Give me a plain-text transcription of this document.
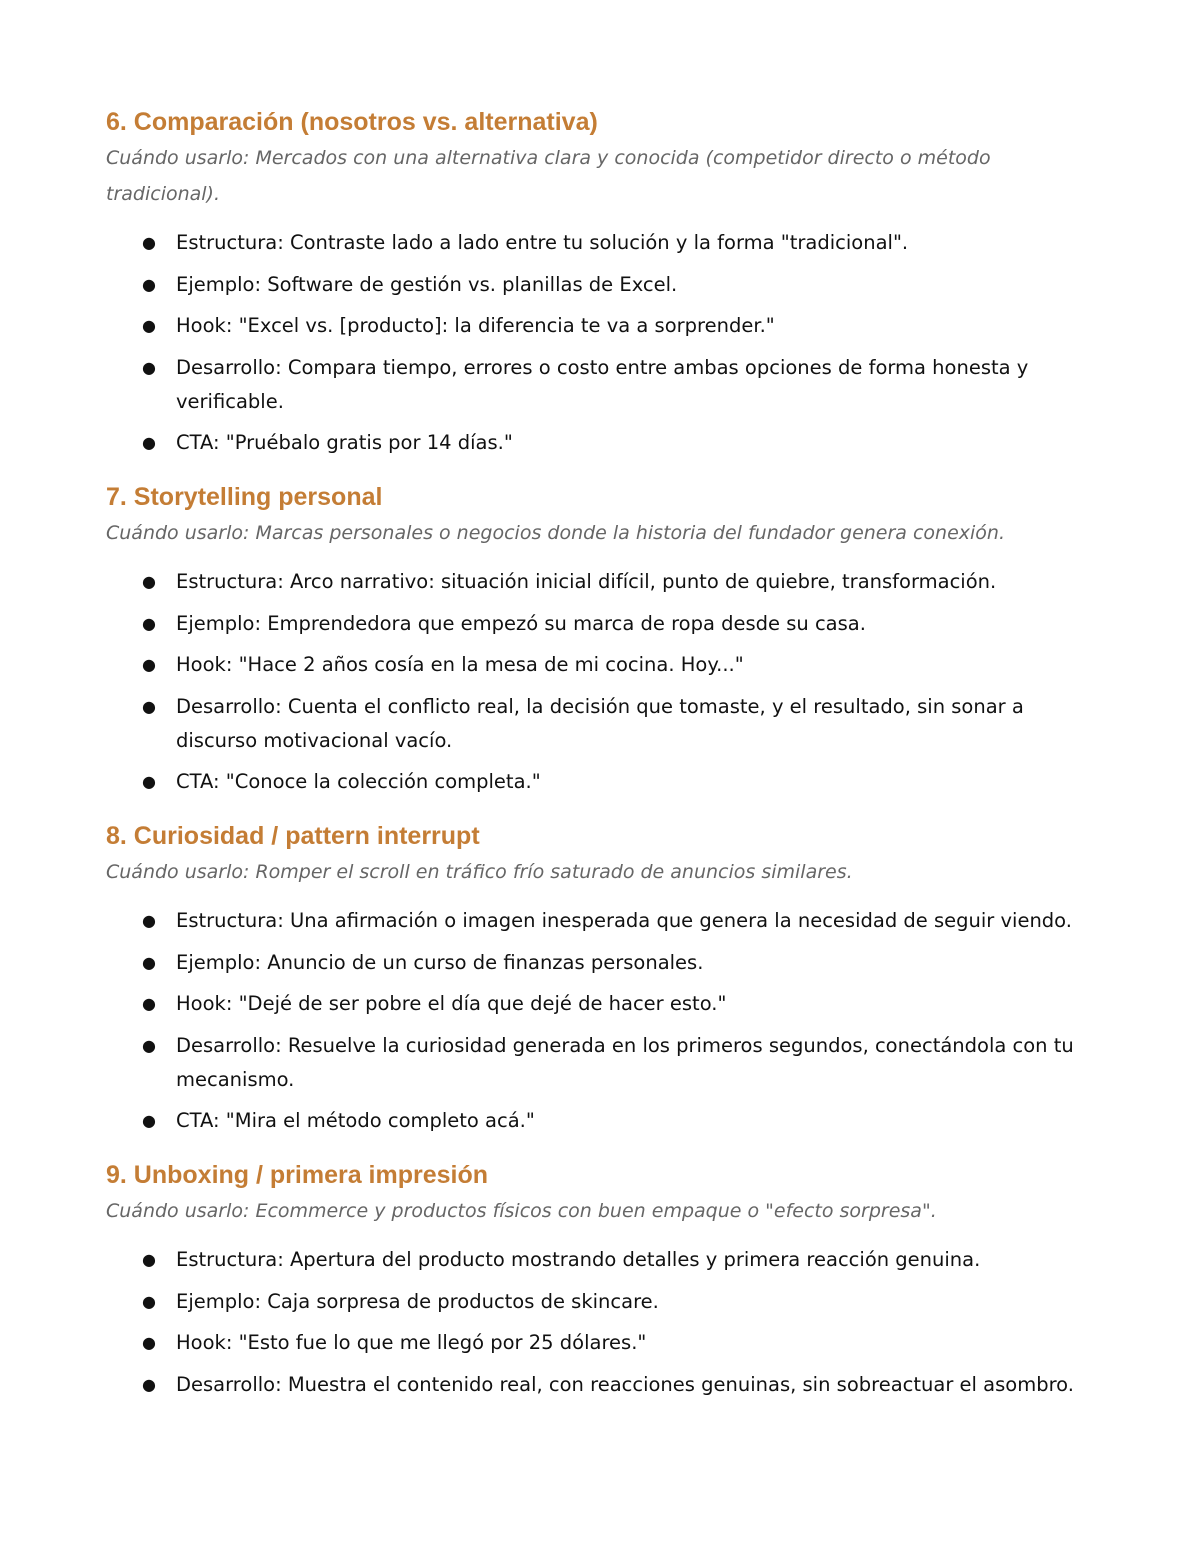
6. Comparación (nosotros vs. alternativa)

Cuándo usarlo: Mercados con una alternativa clara y conocida (competidor directo o método tradicional).

● Estructura: Contraste lado a lado entre tu solución y la forma "tradicional".
● Ejemplo: Software de gestión vs. planillas de Excel.
● Hook: "Excel vs. [producto]: la diferencia te va a sorprender."
● Desarrollo: Compara tiempo, errores o costo entre ambas opciones de forma honesta y verificable.
● CTA: "Pruébalo gratis por 14 días."
7. Storytelling personal

Cuándo usarlo: Marcas personales o negocios donde la historia del fundador genera conexión.

● Estructura: Arco narrativo: situación inicial difícil, punto de quiebre, transformación.
● Ejemplo: Emprendedora que empezó su marca de ropa desde su casa.
● Hook: "Hace 2 años cosía en la mesa de mi cocina. Hoy..."
● Desarrollo: Cuenta el conflicto real, la decisión que tomaste, y el resultado, sin sonar a discurso motivacional vacío.
● CTA: "Conoce la colección completa."
8. Curiosidad / pattern interrupt

Cuándo usarlo: Romper el scroll en tráfico frío saturado de anuncios similares.

● Estructura: Una afirmación o imagen inesperada que genera la necesidad de seguir viendo.
● Ejemplo: Anuncio de un curso de finanzas personales.
● Hook: "Dejé de ser pobre el día que dejé de hacer esto."
● Desarrollo: Resuelve la curiosidad generada en los primeros segundos, conectándola con tu mecanismo.
● CTA: "Mira el método completo acá."
9. Unboxing / primera impresión

Cuándo usarlo: Ecommerce y productos físicos con buen empaque o "efecto sorpresa".

● Estructura: Apertura del producto mostrando detalles y primera reacción genuina.
● Ejemplo: Caja sorpresa de productos de skincare.
● Hook: "Esto fue lo que me llegó por 25 dólares."
● Desarrollo: Muestra el contenido real, con reacciones genuinas, sin sobreactuar el asombro.
